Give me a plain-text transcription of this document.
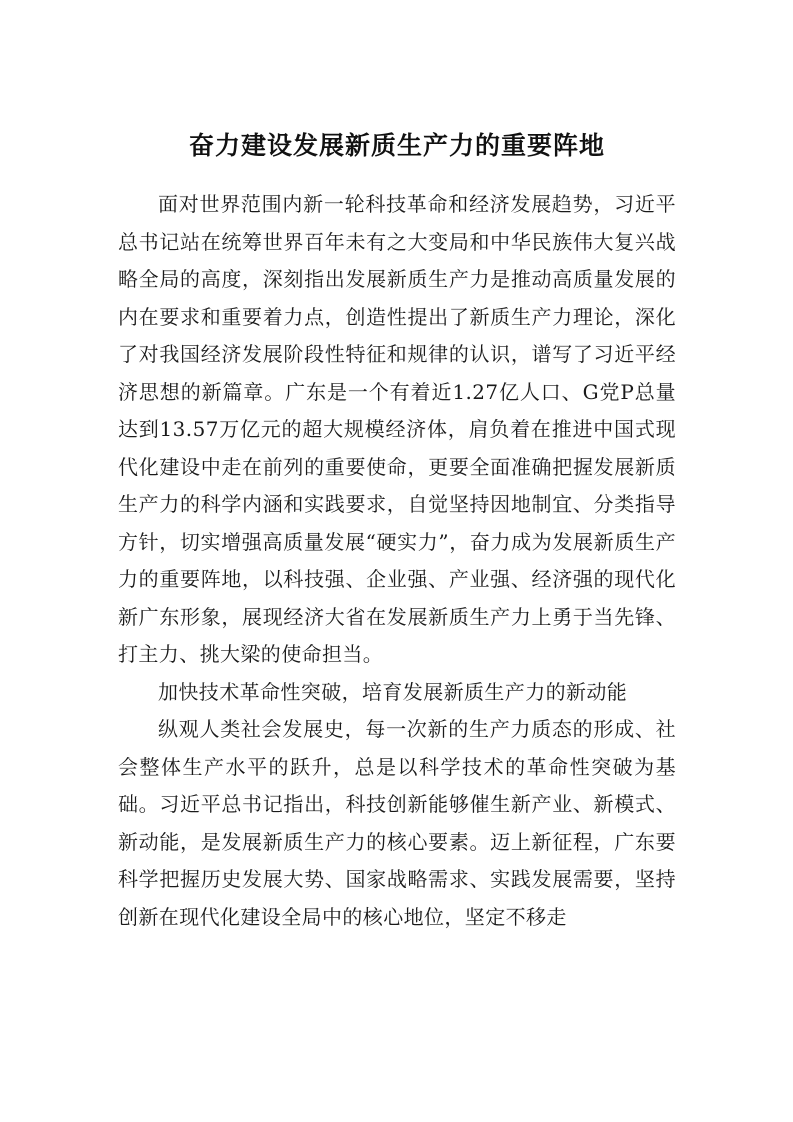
奋力建设发展新质生产力的重要阵地

面对世界范围内新一轮科技革命和经济发展趋势，习近平总书记站在统筹世界百年未有之大变局和中华民族伟大复兴战略全局的高度，深刻指出发展新质生产力是推动高质量发展的内在要求和重要着力点，创造性提出了新质生产力理论，深化了对我国经济发展阶段性特征和规律的认识，谱写了习近平经济思想的新篇章。广东是一个有着近1.27亿人口、G党P总量达到13.57万亿元的超大规模经济体，肩负着在推进中国式现代化建设中走在前列的重要使命，更要全面准确把握发展新质生产力的科学内涵和实践要求，自觉坚持因地制宜、分类指导方针，切实增强高质量发展“硬实力”，奋力成为发展新质生产力的重要阵地，以科技强、企业强、产业强、经济强的现代化新广东形象，展现经济大省在发展新质生产力上勇于当先锋、打主力、挑大梁的使命担当。

加快技术革命性突破，培育发展新质生产力的新动能

纵观人类社会发展史，每一次新的生产力质态的形成、社会整体生产水平的跃升，总是以科学技术的革命性突破为基础。习近平总书记指出，科技创新能够催生新产业、新模式、新动能，是发展新质生产力的核心要素。迈上新征程，广东要科学把握历史发展大势、国家战略需求、实践发展需要，坚持创新在现代化建设全局中的核心地位，坚定不移走
